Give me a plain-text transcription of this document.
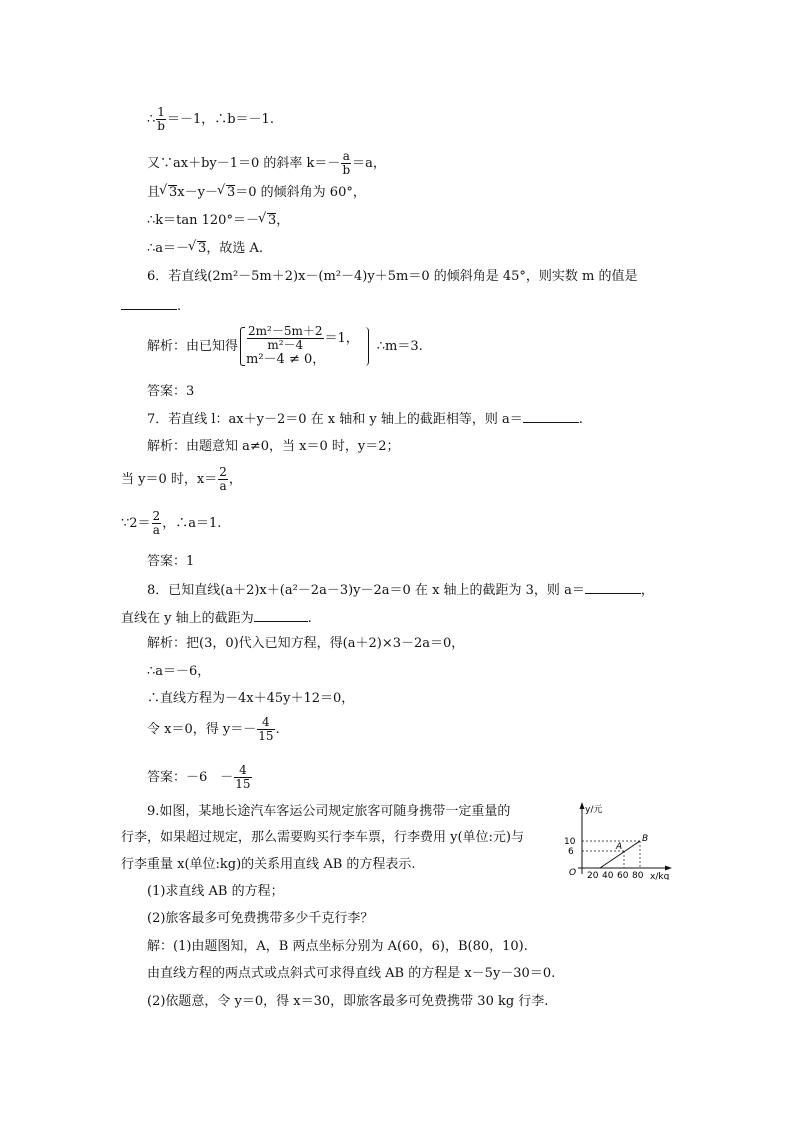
∴ $\frac{1}{b} =-1$，∴b＝－1.
又∵ax＋by－1＝0 的斜率 $k=- \frac{a}{b} =a$，
且 √ 3x－y－ √ 3＝0 的倾斜角为 60°，
∴k＝tan 120°＝－ √ 3，
∴a＝－ √ 3，故选 A.
6．若直线(2m²－5m＋2)x－(m²－4)y＋5m＝0 的倾斜角是 45°，则实数 m 的值是
.
解析：由已知得 $\frac{\text{2m²－5m＋2}}{\text{m²－4}} =1$，
m²－4 ≠ 0，
∴m＝3.
答案：3
7．若直线 l：ax＋y－2＝0 在 x 轴和 y 轴上的截距相等，则 a＝	.
解析：由题意知 a≠0，当 x＝0 时，y＝2；
当 y＝0 时，$x= \frac{2}{a}$ ，
∵2＝ $\frac{2}{a}$ ，∴a＝1.
答案：1
8．已知直线(a＋2)x＋(a²－2a－3)y－2a＝0 在 x 轴上的截距为 3，则 a＝	，
直线在 y 轴上的截距为	.
解析：把(3，0)代入已知方程，得(a＋2)×3－2a＝0，
∴a＝－6，
∴直线方程为－4x＋45y＋12＝0，
令 x＝0，得 $y=- \frac{4}{15}$ .
答案：－6　－ $\frac{4}{15}$
9.如图，某地长途汽车客运公司规定旅客可随身携带一定重量的
行李，如果超过规定，那么需要购买行李车票，行李费用 y(单位:元)与
行李重量 x(单位:kg)的关系用直线 AB 的方程表示.
(1)求直线 AB 的方程；
(2)旅客最多可免费携带多少千克行李？
解：(1)由题图知，A，B 两点坐标分别为 A(60，6)，B(80，10).
由直线方程的两点式或点斜式可求得直线 AB 的方程是 x－5y－30＝0.
(2)依题意，令 y＝0，得 x＝30，即旅客最多可免费携带 30 kg 行李.
y/元
x/kg
O
10
6
20 40 60 80
A
B
